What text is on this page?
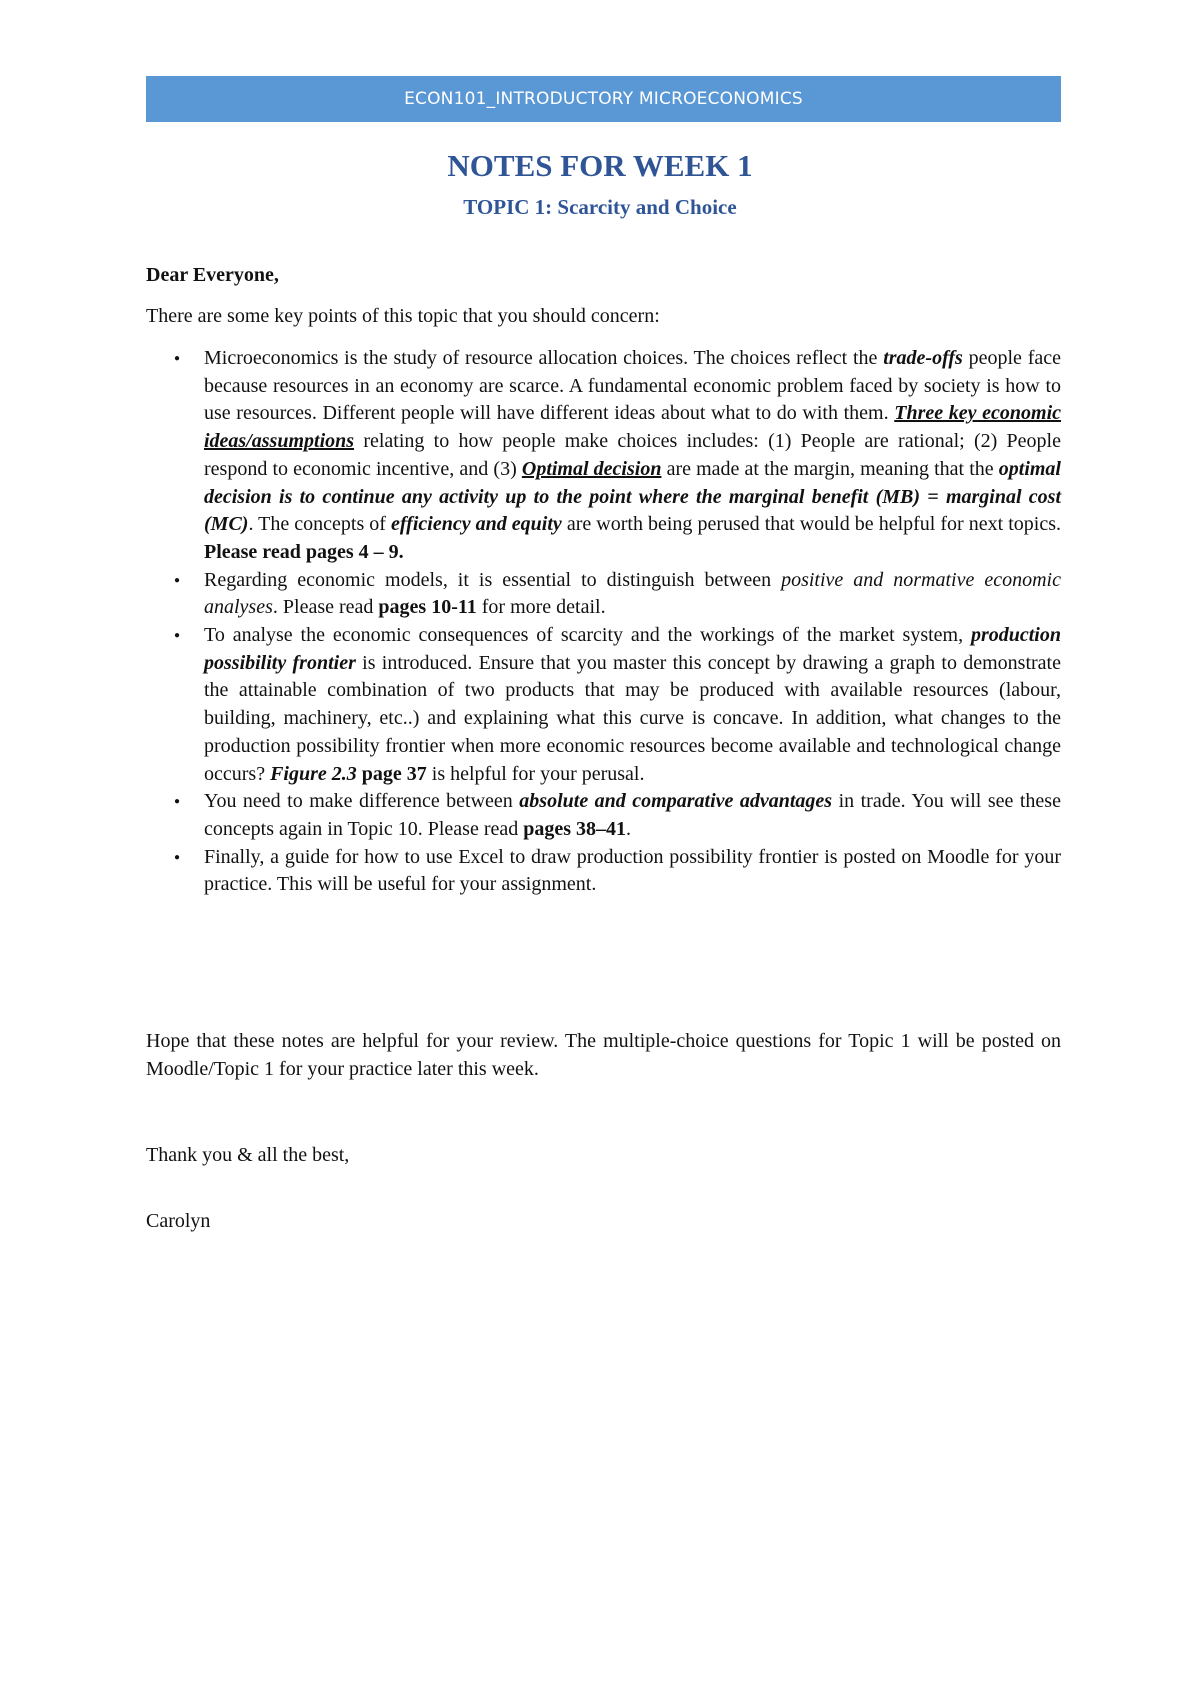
ECON101_INTRODUCTORY MICROECONOMICS
NOTES FOR WEEK 1
TOPIC 1: Scarcity and Choice

Dear Everyone,

There are some key points of this topic that you should concern:

● Microeconomics is the study of resource allocation choices. The choices reflect the trade-offs people face because resources in an economy are scarce. A fundamental economic problem faced by society is how to use resources. Different people will have different ideas about what to do with them. Three key economic ideas/assumptions relating to how people make choices includes: (1) People are rational; (2) People respond to economic incentive, and (3) Optimal decision are made at the margin, meaning that the optimal decision is to continue any activity up to the point where the marginal benefit (MB) = marginal cost (MC). The concepts of efficiency and equity are worth being perused that would be helpful for next topics. Please read pages 4 – 9.
● Regarding economic models, it is essential to distinguish between positive and normative economic analyses. Please read pages 10-11 for more detail.
● To analyse the economic consequences of scarcity and the workings of the market system, production possibility frontier is introduced. Ensure that you master this concept by drawing a graph to demonstrate the attainable combination of two products that may be produced with available resources (labour, building, machinery, etc..) and explaining what this curve is concave. In addition, what changes to the production possibility frontier when more economic resources become available and technological change occurs? Figure 2.3 page 37 is helpful for your perusal.
● You need to make difference between absolute and comparative advantages in trade. You will see these concepts again in Topic 10. Please read pages 38–41.
● Finally, a guide for how to use Excel to draw production possibility frontier is posted on Moodle for your practice. This will be useful for your assignment.

Hope that these notes are helpful for your review. The multiple-choice questions for Topic 1 will be posted on Moodle/Topic 1 for your practice later this week.

Thank you & all the best,

Carolyn
